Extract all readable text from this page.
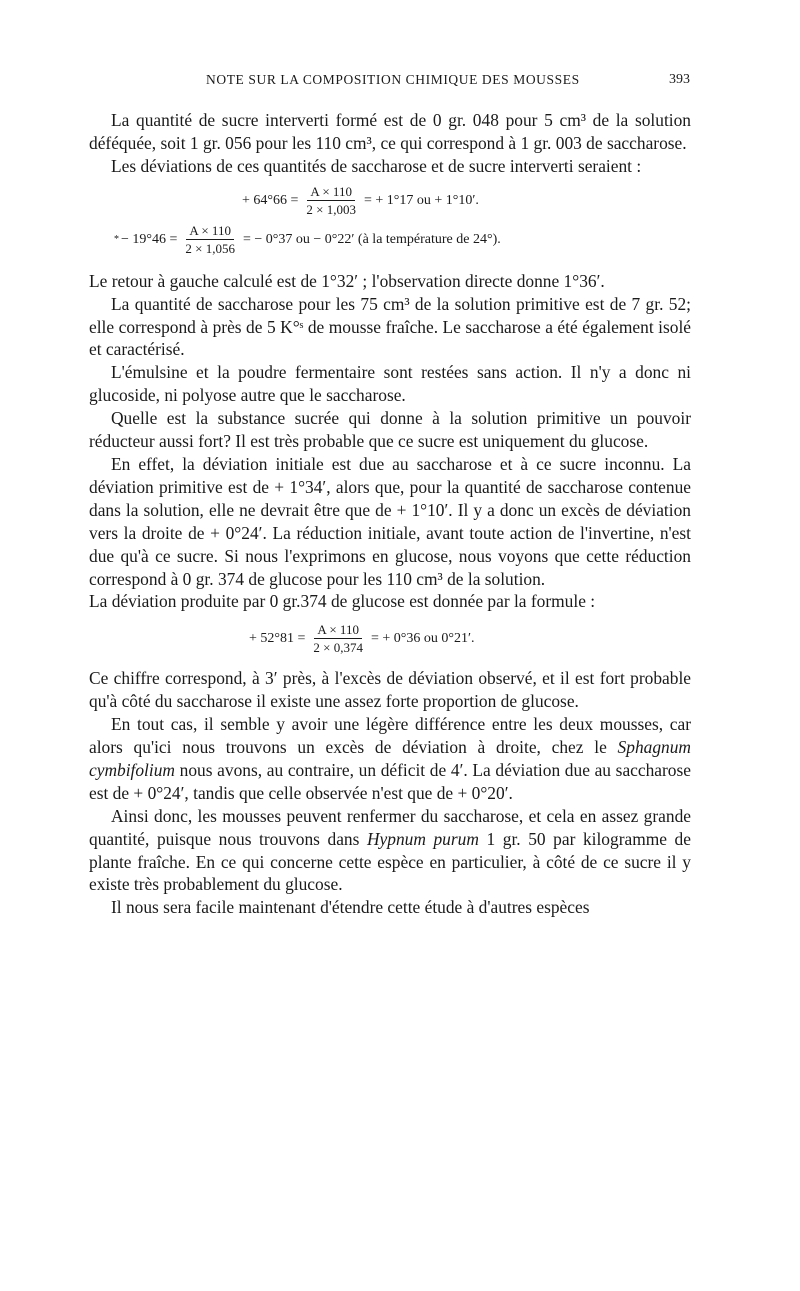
NOTE SUR LA COMPOSITION CHIMIQUE DES MOUSSES	393

La quantité de sucre interverti formé est de 0 gr. 048 pour 5 cm³ de la solution déféquée, soit 1 gr. 056 pour les 110 cm³, ce qui correspond à 1 gr. 003 de saccharose.

Les déviations de ces quantités de saccharose et de sucre interverti seraient :

+ $64^\circ 66 = \frac{A \times 110}{2 \times 1,003}$ = + 1°17 ou + 1°10′.
* − $19^\circ 46 = \frac{A \times 110}{2 \times 1,056}$ = − 0°37 ou − 0°22′ (à la température de 24°).

Le retour à gauche calculé est de 1°32′ ; l'observation directe donne 1°36′.

La quantité de saccharose pour les 75 cm³ de la solution primitive est de 7 gr. 52; elle correspond à près de 5 K°ˢ de mousse fraîche. Le saccharose a été également isolé et caractérisé.

L'émulsine et la poudre fermentaire sont restées sans action. Il n'y a donc ni glucoside, ni polyose autre que le saccharose.

Quelle est la substance sucrée qui donne à la solution primitive un pouvoir réducteur aussi fort? Il est très probable que ce sucre est uniquement du glucose.

En effet, la déviation initiale est due au saccharose et à ce sucre inconnu. La déviation primitive est de + 1°34′, alors que, pour la quantité de saccharose contenue dans la solution, elle ne devrait être que de + 1°10′. Il y a donc un excès de déviation vers la droite de + 0°24′. La réduction initiale, avant toute action de l'invertine, n'est due qu'à ce sucre. Si nous l'exprimons en glucose, nous voyons que cette réduction correspond à 0 gr. 374 de glucose pour les 110 cm³ de la solution.

La déviation produite par 0 gr.374 de glucose est donnée par la formule :

+ $52^\circ 81 = \frac{A \times 110}{2 \times 0,374}$ = + 0°36 ou 0°21′.

Ce chiffre correspond, à 3′ près, à l'excès de déviation observé, et il est fort probable qu'à côté du saccharose il existe une assez forte proportion de glucose.

En tout cas, il semble y avoir une légère différence entre les deux mousses, car alors qu'ici nous trouvons un excès de déviation à droite, chez le Sphagnum cymbifolium nous avons, au contraire, un déficit de 4′. La déviation due au saccharose est de + 0°24′, tandis que celle observée n'est que de + 0°20′.

Ainsi donc, les mousses peuvent renfermer du saccharose, et cela en assez grande quantité, puisque nous trouvons dans Hypnum purum 1 gr. 50 par kilogramme de plante fraîche. En ce qui concerne cette espèce en particulier, à côté de ce sucre il y existe très probablement du glucose.

Il nous sera facile maintenant d'étendre cette étude à d'autres espèces
